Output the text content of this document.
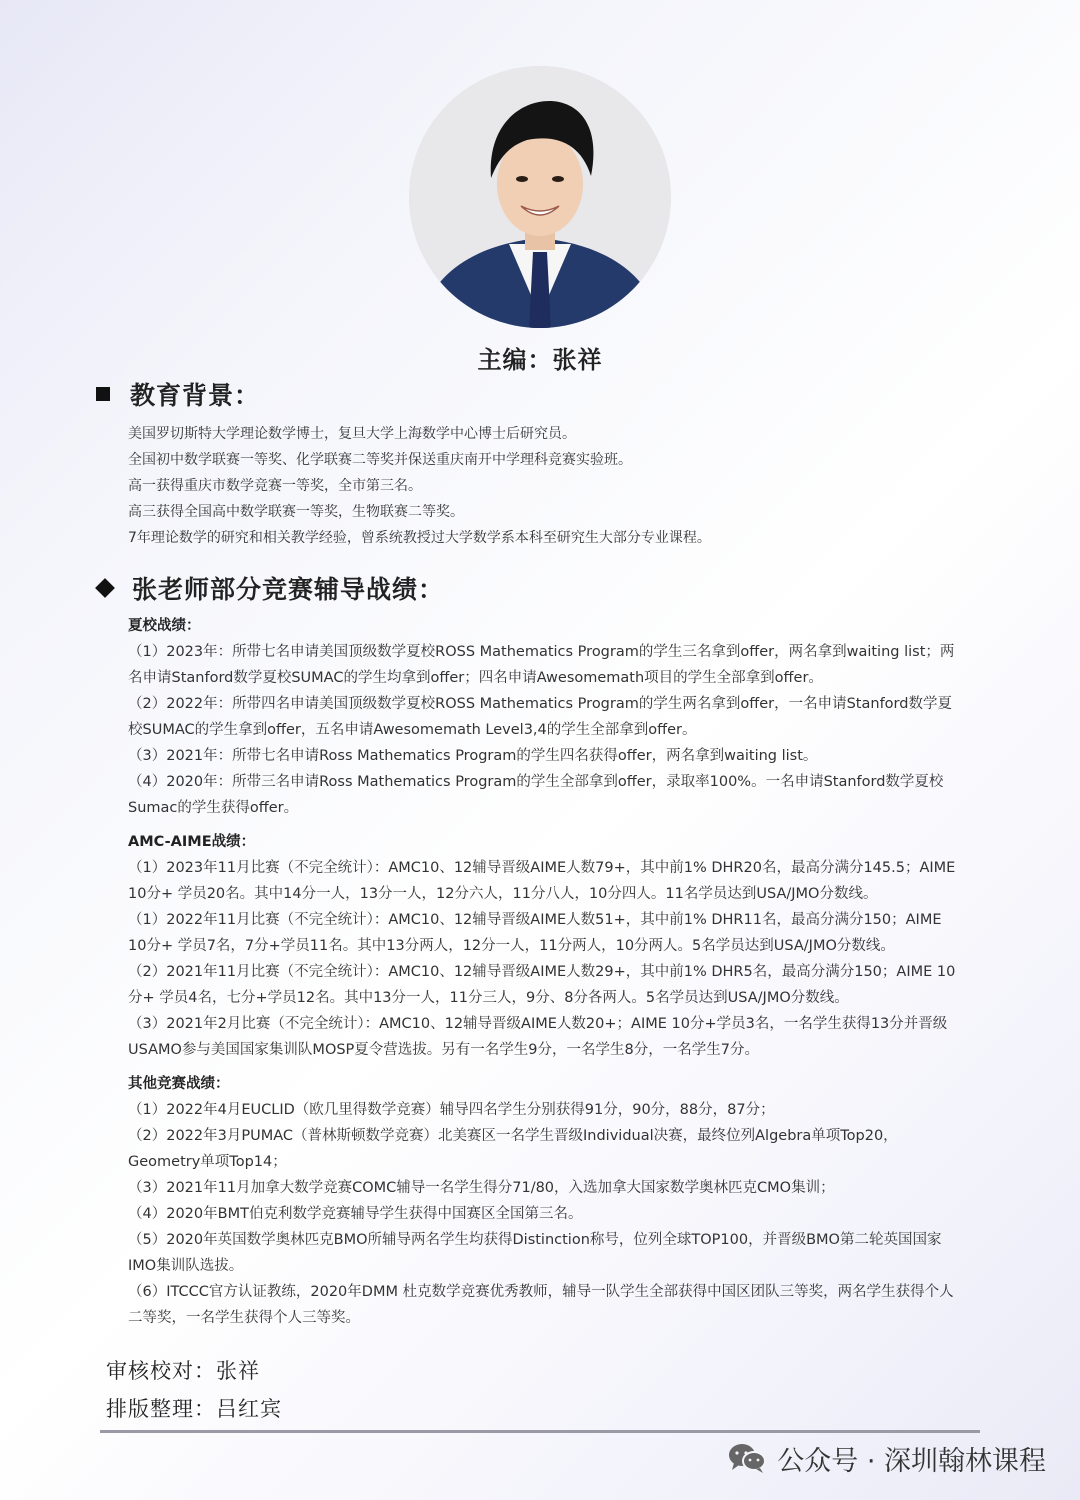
主编：张祥
教育背景：
美国罗切斯特大学理论数学博士，复旦大学上海数学中心博士后研究员。
全国初中数学联赛一等奖、化学联赛二等奖并保送重庆南开中学理科竞赛实验班。
高一获得重庆市数学竞赛一等奖，全市第三名。
高三获得全国高中数学联赛一等奖，生物联赛二等奖。
7年理论数学的研究和相关教学经验，曾系统教授过大学数学系本科至研究生大部分专业课程。
张老师部分竞赛辅导战绩：
夏校战绩：
（1）2023年：所带七名申请美国顶级数学夏校ROSS Mathematics Program的学生三名拿到offer，两名拿到waiting list；两名申请Stanford数学夏校SUMAC的学生均拿到offer；四名申请Awesomemath项目的学生全部拿到offer。
（2）2022年：所带四名申请美国顶级数学夏校ROSS Mathematics Program的学生两名拿到offer，一名申请Stanford数学夏校SUMAC的学生拿到offer，五名申请Awesomemath Level3,4的学生全部拿到offer。
（3）2021年：所带七名申请Ross Mathematics Program的学生四名获得offer，两名拿到waiting list。
（4）2020年：所带三名申请Ross Mathematics Program的学生全部拿到offer，录取率100%。一名申请Stanford数学夏校Sumac的学生获得offer。
AMC-AIME战绩：
（1）2023年11月比赛（不完全统计）：AMC10、12辅导晋级AIME人数79+，其中前1% DHR20名，最高分满分145.5；AIME 10分+ 学员20名。其中14分一人，13分一人，12分六人，11分八人，10分四人。11名学员达到USA/JMO分数线。
（1）2022年11月比赛（不完全统计）：AMC10、12辅导晋级AIME人数51+，其中前1% DHR11名，最高分满分150；AIME 10分+ 学员7名，7分+学员11名。其中13分两人，12分一人，11分两人，10分两人。5名学员达到USA/JMO分数线。
（2）2021年11月比赛（不完全统计）：AMC10、12辅导晋级AIME人数29+，其中前1% DHR5名，最高分满分150；AIME 10分+ 学员4名，七分+学员12名。其中13分一人，11分三人，9分、8分各两人。5名学员达到USA/JMO分数线。
（3）2021年2月比赛（不完全统计）：AMC10、12辅导晋级AIME人数20+；AIME 10分+学员3名，一名学生获得13分并晋级USAMO参与美国国家集训队MOSP夏令营选拔。另有一名学生9分，一名学生8分，一名学生7分。
其他竞赛战绩：
（1）2022年4月EUCLID（欧几里得数学竞赛）辅导四名学生分别获得91分，90分，88分，87分；
（2）2022年3月PUMAC（普林斯顿数学竞赛）北美赛区一名学生晋级Individual决赛，最终位列Algebra单项Top20，Geometry单项Top14；
（3）2021年11月加拿大数学竞赛COMC辅导一名学生得分71/80，入选加拿大国家数学奥林匹克CMO集训；
（4）2020年BMT伯克利数学竞赛辅导学生获得中国赛区全国第三名。
（5）2020年英国数学奥林匹克BMO所辅导两名学生均获得Distinction称号，位列全球TOP100，并晋级BMO第二轮英国国家IMO集训队选拔。
（6）ITCCC官方认证教练，2020年DMM 杜克数学竞赛优秀教师，辅导一队学生全部获得中国区团队三等奖，两名学生获得个人二等奖，一名学生获得个人三等奖。
审核校对：张祥
排版整理：吕红宾
公众号 · 深圳翰林课程
